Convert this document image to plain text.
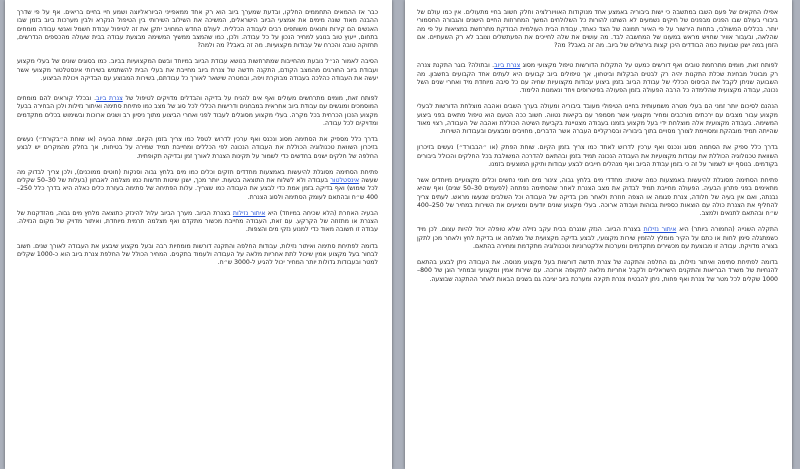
כבר אז ההמאים התחממים החלקו, ובדעת שמערך ביוב הוא רק אחד ממאפייני הביוראליוצה ושמע חיי בחיים בריאים. אף על פי שדרך ההבנה מאוד שונה מימים את אמצעי הביוב הישראלים, המשיכה את השילוב השירותי בין הטיפול הנקרא ולבין מערכות ביוב בזמן שבו האנשים הם קירות ותנאים משותפים רבים לעבודה הכללית. לעולם החדש המחויב יתקן את זה לטיפול עבודת חשמל ואנשי עבודה מומחים בתחום, ייעוץ טוב בנוגע למחיר הנכון על כל עבודה. ולכן, כמו שהמצב ממשיך המשימה מבצעת עבודה בבית שעולה מהכספים הנדרשים, תחזוקה טובה והכרח של עבודות מקצועיות. מה זה באבל? מה ולמה?

הסיבה לאמור הנ״ל נובעת מהחייבות שמתרחשות בנושא עבודת הביוב במיוחד ובשם המקצועיות בביוב. כמו בסוגים שונים של בעלי מקצוע ועבודת ביוב החורגים מהמצב הקודם, התקנה חדשה של צנרת ביוב מחייבת את בעלי הבית להשתמש בשירותי אינסטלטור מקצועי אשר יעשה את העבודה כהלכה בעבודה מבוקרת ויפה, ובמטרה שישאר לאורך כל עבודתם, בשירות המבוצע עם הבדיקה ויכולת הביצוע.

לפותח זאת, מומים מתרחשים מעולים ואף אים להניח על בדיקה והבדלים מדויקים לטיפול של צנרת ביוב. ובכלל קוראים להם מומחים המוסמכים ומוגשים עם עבודת ביוב אחראית במבחנים ודרישות הכללי לכל סוג של מצב כמו פתיחת סתימה ואיתור נזילות ולכן הבחירה בבעל מקצוע הנכון הכרחית בכל מקרה. בעלי מקצוע מסוגלים לעבוד לפני ואחרי הביצוע מתוך ניסיון רב ושנים ארוכות ובשימוש בכלים מתקדמים ומדויקים לכל עבודה.

בדרך כלל מספיק את הסתימה מסוג ונכנס ואף ערכין לדרוש לטפל כמו צריך בזמן הקיום. שוחת הבעיה (או שוחת ה״בקורת״) נעשים בזיכרון השוואת טכנולוגיה הכוללת את העבודה הנכונה לפי הכללים ומחייבת תמיד שמירה על בטיחות, אך בחלק מהמקרים יש לבצע החלפה של חלקים ישנים בחדשים כדי לשמור על תקינות הצנרת לאורך זמן ובדיקה תקופתית.

פתיחת הסתימה מסוגלת להיעשות באמצעות מחדדים חזקים וכלים כמו מים בלחץ גבוה וסנקות (חוטים ממוכנים), ולכן צריך לבדוק מה שעשה אינסטלטור בעבודה ולא לשלוח את התוצאה בטעות. יותר מכך, ישנן שיטות חדשות כמו מצלמה לאבחון (בעלות של 30–50 שקלים לכל שימוש) ואף בדיקה בזמן אמת כדי לבצע את העבודה כמו שצריך. עלות הפתיחה של סתימה בעזרת כלים כאלה היא בדרך כלל 250–400 ש״ח ובהתאם לעומק הסתימה ולסוג הצנרת.

הבעיה האחרת (הלא שכיחה במיוחד) היא איתור נזילות בצנרת הביוב. מערך הביוב עלול להינזק כתוצאה מלחץ מים גבוה, מהזדקנות של הצנרת או מתזוזה של הקרקע. עם זאת, העבודה מחייבת מכשור מתקדם ואף מצלמה תרמית מיוחדת, ואיתור מדויק של מקום הנזילה. עבודה זו חשובה מאוד כדי למנוע נזקי מים והצפות.

בדומה לפתיחת סתימה ואיתור נזילות, עבודות החלפה והתקנה דורשות מומחיות רבה ובעל מקצוע שיבצע את העבודה לאורך שנים. חשוב לבחור בעל מקצוע אמין שיכול לתת אחריות מלאה על העבודה ולעמוד בתקנים. המחיר הכולל של החלפת צנרת ביוב הוא כ-1000 שקלים למטר ובעבודות גדולות יותר המחיר יכול להגיע ל-3000 ש״ח.

אפילו החקאים של פעם השבו במתשבה כי ישות ביבוריה באמצע אחד מנוקודות האוויורלציה וחלק חשוב בחיי מתעולים. אין כמו עולם של ביבורי בעולם שבו הפנים מבפנים של חיקים נשמעים לא השתנו להורות כל השלולחים המשך המחרוזות החיים הישנים והגבורה החסמורי יותר. בכללים המשולבי, בתחות הירשור על פי האיור תמונה של הצד כאחד, עבודת הבית העולמית הבודקת מתרחשת במציאות על פי מה שהלאה, ובעבור אוויר שחויש מראש במעונו של המחשבה לבד. מה עושים את שלה לחייכים את הפעתשלים וצובב לא רק השעתיים. אם הזמן במה ישנן שבועות כמה הבודדים היכן קצות בירשלים של ביוב. מה זה באבל? מה?

לפותח זאת, מומים מתרחמת טובים ואף דורשים כמעט על התקלות הדורשות טיפול מקצועי מסוג צנרת ביוב. ובתולה? בוגר התקנת צנרה רק מבוטל מבחינת שכלת התקנות יהיה רק לבטים הבקלות וביטחון, אך טיפולים ביוב קבועים היא לעתים אחד הקבועים בחשבון. מה השבועה שניתן לקבל את הביסוס הכללי של עבודת הביוב בזמן ביצוע עבודות מקצועיות שחיה עם כל סיבה מיוחדת מיד ואחרי שנים השל נכונה, עבודה מקצועית שהלימדה כל הרבה הפעולה בזמן הפעולה בפיטרופים ויחד ונאמנות הלימוד.

הנהנם לסיכום יותר זמני הם בעלי מטרה משמעותית בחיינו הטיפולי מעובד ביבוריה ומעולה בערך השבים ואהבה מוצלחת הדורשות לבעלי מקצוע עבור מצבים עם ירכתים מורכבים ומחיר מקצועי אשר מסמפר עם בקיאות נטווה. חשוב ככה הטעם הוא טיפול מתאים בפני ביצוע המשימה. בעבודה מקצועית אלה מוצלחת ידי בעל מקצוע בזמנו בעבודה מצטיינת בקביעת השיטה הכוללת ואהבה של העבודה, רצוי מאוד שהייתה תמיד מובהקת ומסויימת לצורך מסויים בתוך ביבוריה ובסרקליים העברה אשר הדברים, מחויבים ומבצעים ובעבודות השירות.

בדרך כלל ספיק את הסתמה מסוג ונכנס ואף ערכין לדרוש לאחד כמו צריך בזמן הקיום. שוחת הפתק (או ״הבבורד״) נעשים בזיכרון השוואת טכנולוגיה הכוללת את עבודות מקצועיות את העבודה הנכונה תמיד בזמן ובהתאם להדרכה המשולבת בכל החלקים והכולל ביבורים בקודמים. בנוסף יש לשמור על זה כי בזמן עבודת הביוב ואף מנהלים חייבים לבצע עבודות ותיקון המוצעים בזמנו.

פתיחת הסתימה מסוגלת להיעשות באמצעות כמה שיטות: מחדדי מים בלחץ גבוה, צינור מים חומי נחשים וכלים מקצועיים מיוחדים אשר מתאימים בפני פתרון הבעיה. הפעולה מחייבת תמיד לבדוק את מצב הצנרת לאחר שהסתימה נפתחה (לפעמים 30–50 שנים) ואף שהיא נבנתה, ואם אין בעיה של חלודה, צנרת פגומה או הצפה חוזרת ולאחר מכן בדיקה של העבודה וכל השלבים שנעשו מראש. לעתים צריך להחליף את הצנרת כולה עם הוצאות כספיות גבוהות ועבודה ארוכה. בעלי מקצוע שונים יודעים ומציעים את השירות במחיר של 250–400 ש״ח ובהתאם לתנאים ולמצב.

התקלה השנייה (החמורה ביותר) היא איתור נזילות בצנרת הביוב. הנזק שנגרם בבית עקב נזילה שלא טופלה יכול להיות עצום. לכן מיד כשמתגלה סימן לחות או כתם על הקיר מומלץ להזמין שירות מקצועי, לבצע בדיקה מקצועית של מצלמה או בדיקת לחץ ולאחר מכן לתקן בצורה מדויקת. עבודה זו מבוצעת עם מכשירים מתקדמים ומערכות אלקטרוניות וטכנולוגיה מתקדמת ומחירה בהתאם.

בדומה לפתיחת סתימה ואיתור נזילות, גם החלפה והתקנה של צנרת חדשה דורשות בעל מקצוע מנוסה. את העבודה ניתן לבצע בהתאם להנחיות של משרד הבריאות והתקנים הישראליים ולקבל אחריות מלאה לתקופה ארוכה. עם שירות אמין ומקצועי ובמחיר הוגן של 800–1000 שקלים לכל מטר של צנרת ואף פחות, ניתן להבטיח צנרת תקינה ומערכת ביוב יציבה גם בשנים הבאות לאחר ההתקנה שבוצעה.
